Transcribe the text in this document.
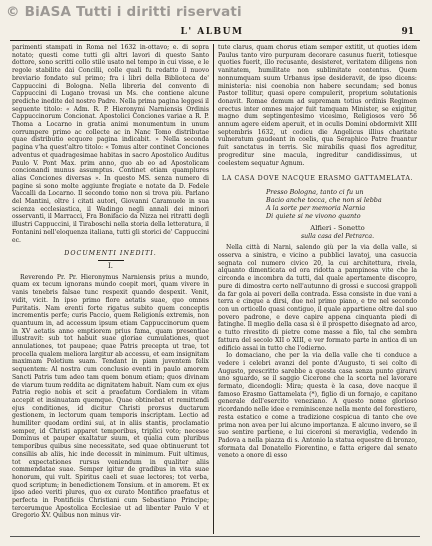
© BiASA Tutti i diritti riservati
L' ALBUM	91

parimenti stampati in Roma nel 1632 in-ottavo; e. di sopra notato; questi come tutti gli altri lavori di questo Santo dottore, sono scritti collo stile usato nel tempo in cui visse, e le regole stabilite dai Concilii, colle quali fu redatto il nuovo breviario fondato sul primo; fra i libri della Biblioteca de' Cappuccini di Bologna. Nella libreria del convento di Cappuccini di Lugano trovasi un Ms. che contiene alcune prediche inedite del nostro Padre. Nella prima pagina leggesi il seguente titolo: « Adm. R. P. Hieronymi Narniensis Ordinis Cappuccinorum Concionat. Apostolici Conciones variae a R. P. Thoma a Locarno in gratia animi monumentum in unum corrumpere primo ac collecte ac in Nanc Tomo distributae quae distributio ecquore pagina indicabit. » Nella seconda pagina v'ha quest'altro titolo: « Tomus alter continet Conciones adventus et quadragesimae habitas in sacro Apostolico Auditus Paulo V. Pont Max. prim anno, quo ab eo ad Apostolicam concionandi munus assumptus. Continet etiam quamplures alias Conciones diversas ». In questo MS. senza numero di pagine si sono molte aggiunte fregiate e notate da D. Fedele Vaccalli da Locarno. Il secondo tomo non si trova più. Parlano del Mantini, oltre i citati autori, Giovanni Caramuele in sua scienza ecclesiastica, il Wadingo negli annali dei minori osservanti, il Marracci, Fra Bonifacio da Nizza nei ritratti degli illustri Cappuccini, il Tiraboschi nella storia della letteratura, il Fontanini nell'eloquenza italiana, tutti gli storici de' Cappuccini ec.

DOCUMENTI INEDITI.
I.

Reverendo Pr. Pr. Hieronymus Narniensis prius a mundo, quam ex tecum ignorans mundo coepit mori, quam vivere in vanis tenebris falsae tunc respexit quando despexit. Venit, vidit, vicit. In ipso primo flore aetatis suae, quo omnes Puritatis. Nam erenti forte rigatus subito quem conceptis incrementis perfe; curis Paccio, quem Religionis extremis, non quantuum in, ad accessum ipsum etiam Cappuccinorum quem in XV aetatis anno emptiorem prius fama, quam presentiae illustravit: sub tot habuit suae gloriae cumulationes, quot annulationes, tot paupeae; quae Patris precepta ut trae, tot procella qualem meliora largitur ab accessu, et eam insignitam maximam Poletium suam. Tendant in piam juventem felix sequentem: Al nostra cum conclusio eventi in paulo amorem Sancti Patris tum adeo tam quem bonum etiam; quos divinam de viarum tuum reddita ac dignitatem habuit. Nam cum ex ejus Patria regio nobis et scit a praefatum Cordialem in vitam accepit et insinuatam quemque. Quae obtinebat et remittendi ejus conditiones, id dicitur Christi prorsus ductarum gestionem, in lectorum quam temporis inscriptam. Lectio ad humiliter quodam ordini sui, at in aliis stantis, proclamatio semper, id Christi apparet temporibus, triplici voto; necesse Dominus et pauper exaltatur suum, et qualia cum pluribus temporibus quibus sine necessitate, sed quae obtinuerunt tot consiliis ab aliis, hic inde decessit in minimum. Fuit ultimus, tot expectationes rursus veniendum in qualiter aliis commendatae suae. Semper igitur de gradibus in vita suae honorum, qui vult. Spiritus caeli et suae lectores; tot verba, quod scriptum; in benedictionem Tonsium. et in amorem. Et ex ipso adeo veriti plures, quo ex curato Montifico praefatus et perfecta in Pontificiis Christiani cum Sebastiano Principe; tercerumque Apostolica Ecclesiae ut ad libenter Paulo V et Gregorio XV. Quibus non minus vir-

tute clarus, quam chorus etiam semper extitit, ut quoties idem Paulus tanto viro purpuram decorare casunus fuerit, totiesque quoties fuerit, illo recusante, desisteret, veritatem diligens non vanitatem, humilitate non sublimitate contentus. Quem nonnumquam suum Urbanus ipse desideravit, de ipso dicens: ministeria: nisi coenobia non habere secundam; sed bonus Pastor tollitur, quasi opere compulerit, proprium solutationis donavit. Romae demum ad supremam totius ordinis Regimen erectus inter omnes major fuit tamquam Minister, se exigitur, magno dum septingentesimo vicesimo, Religiosos vero 56 annum agere eidem aperuit, et in oculis Domini obdormivit XIII septembris 1632, ut codicu die Angelicus illius charitate vulneratum gaudeant in coelis, qua Seraphico Patre fruantur fuit sanctatus in terris. Sic mirabilis quasi flos agreditur, progreditur sine macula, ingreditur candidissimus, ut coelestem sequatur Agnum.

LA CASA DOVE NACQUE ERASMO GATTAMELATA.
Presso Bologna, tanto ci fu un
Bacio anche tocca, che non si lebba
A la sorte per memoria Narnia
Di quiete si ne vivono quanto
Alfieri - Sonetto
sulla casa del Petrarca.

Nella città di Narni, salendo giù per la via della valle, si osserva a sinistra, e vicino a pubblici lavatoj, una casuccia segnata col numero civico 20, la cui architettura, rivela, alquanto dimenticata ed ora ridotta a pampinosa vite che la circonda e incombra da tutti, dal quale apertamente discopro, pure di dimostra certo nell'autunno di grossi e succosi grappoli da far gola ai poveri della contrada. Essa consiste in due vani a terra e cinque a dirsi, due nel primo piano, e tre nel secondo con un orticello quasi contiguo, il quale appartiene oltre dal suo povero padrone, e deve capire appena cinquanta piedi di fatinghe. Il meglio della casa si è il prospetto disegnato ad arco, e tutto rivestito di pietre come masse a filo, tal che sembra fattura del secolo XII o XIII, e ver formato parte in antica di un edificio assai in tutto che l'odierno.

Io domaciano, che per la via della valle che ti conduce a vedere i celebri avanzi del ponte d'Augusto, ti sei colto di Augusto, prescritto sarebbe a questa casa senza punto girarvi uno sguardo, se il saggio Cicerone che la scorta nel lavorare fermato, dicendogli: Mira; questa è la casa, dove nacque il famoso Erasmo Gattamelata (*), figlio di un fornajo, e capitano generale dell'esercito veneziano. A questo nome glorioso ricordando nelle idee e reminiscenze nella mente del forestiero, resta estatico e come a tradizione cospicua di tanto che ove prima non avea per lui alcuno importanza. E alcuno invero, se il suo sentire partiene, e lui ciceroni si meraviglia, vedendo in Padova a nella piazza di s. Antonio la statua equestre di bronzo, sformata dal Donatello Fiorentino, e fatta erigere dal senato veneto a onore di esso
